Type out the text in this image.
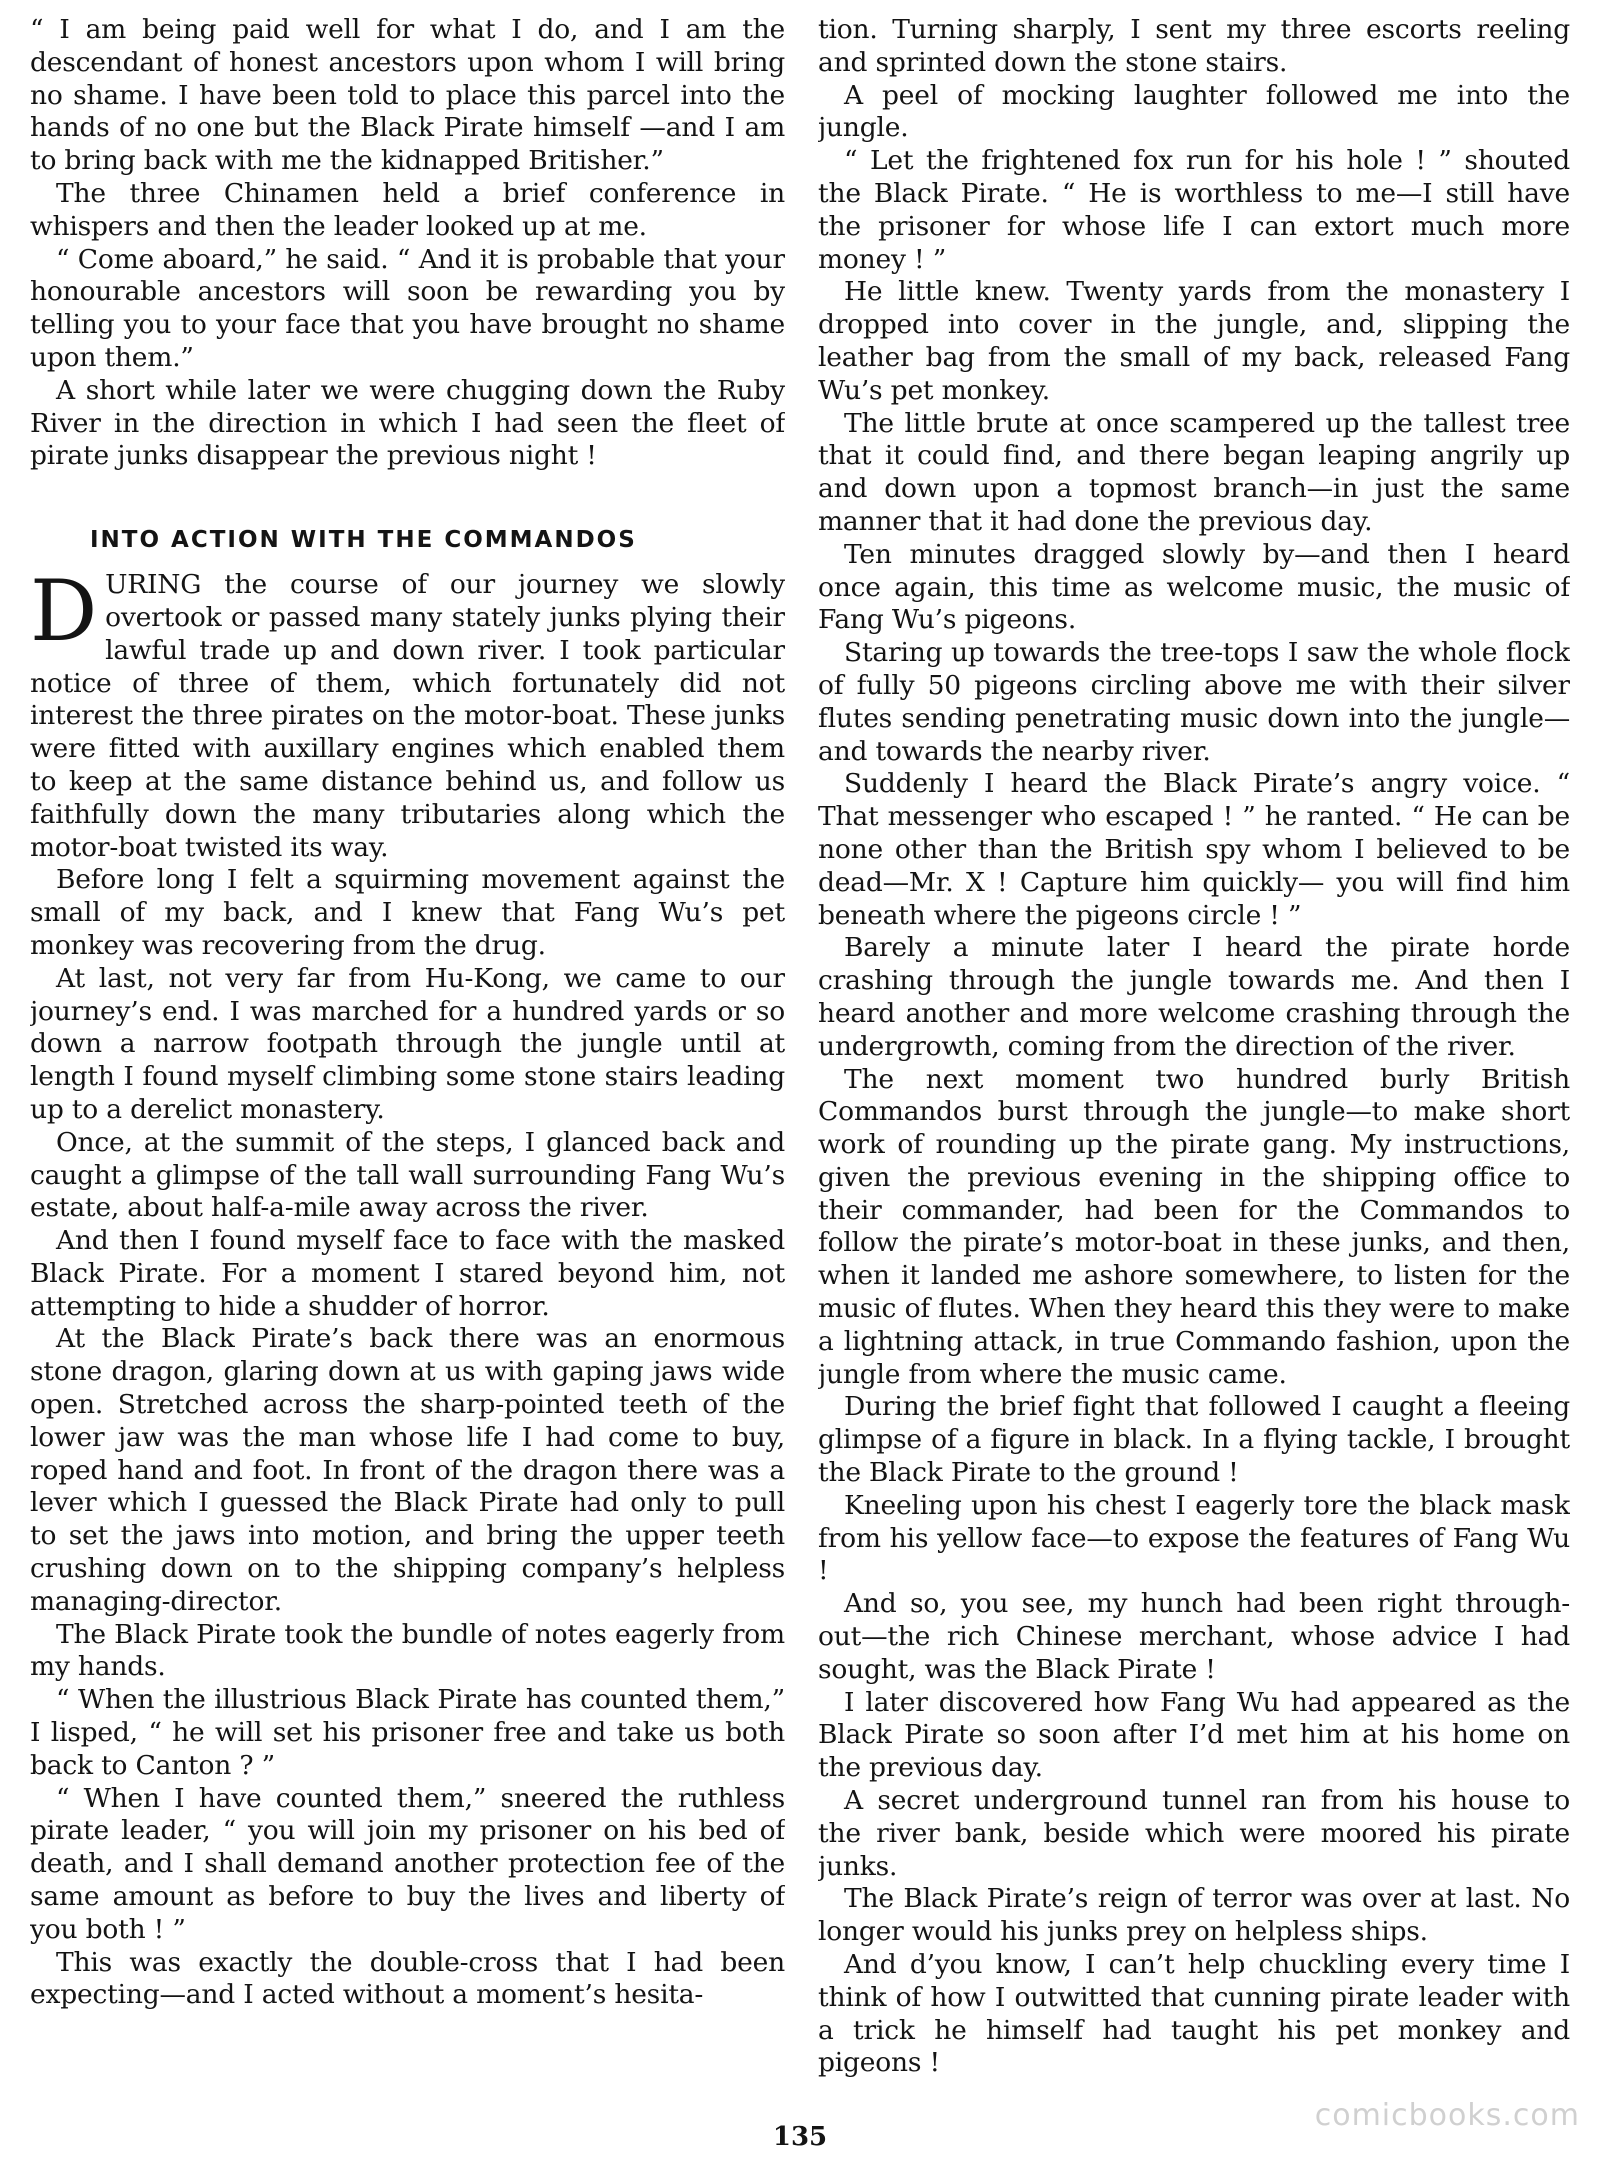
“ I am being paid well for what I do, and I am the descendant of honest ancestors upon whom I will bring no shame. I have been told to place this parcel into the hands of no one but the Black Pirate himself —and I am to bring back with me the kidnapped Britisher.”

The three Chinamen held a brief conference in whispers and then the leader looked up at me.

“ Come aboard,” he said. “ And it is probable that your honourable ancestors will soon be rewarding you by telling you to your face that you have brought no shame upon them.”

A short while later we were chugging down the Ruby River in the direction in which I had seen the fleet of pirate junks disappear the previous night !

INTO ACTION WITH THE COMMANDOS

DURING the course of our journey we slowly overtook or passed many stately junks plying their lawful trade up and down river. I took particular notice of three of them, which fortunately did not interest the three pirates on the motor-boat. These junks were fitted with auxillary engines which enabled them to keep at the same distance behind us, and follow us faithfully down the many tributaries along which the motor-boat twisted its way.

Before long I felt a squirming movement against the small of my back, and I knew that Fang Wu’s pet monkey was recovering from the drug.

At last, not very far from Hu-Kong, we came to our journey’s end. I was marched for a hundred yards or so down a narrow footpath through the jungle until at length I found myself climbing some stone stairs leading up to a derelict monastery.

Once, at the summit of the steps, I glanced back and caught a glimpse of the tall wall surrounding Fang Wu’s estate, about half-a-mile away across the river.

And then I found myself face to face with the masked Black Pirate. For a moment I stared beyond him, not attempting to hide a shudder of horror.

At the Black Pirate’s back there was an enormous stone dragon, glaring down at us with gaping jaws wide open. Stretched across the sharp-pointed teeth of the lower jaw was the man whose life I had come to buy, roped hand and foot. In front of the dragon there was a lever which I guessed the Black Pirate had only to pull to set the jaws into motion, and bring the upper teeth crushing down on to the shipping company’s helpless managing-director.

The Black Pirate took the bundle of notes eagerly from my hands.

“ When the illustrious Black Pirate has counted them,” I lisped, “ he will set his prisoner free and take us both back to Canton ? ”

“ When I have counted them,” sneered the ruthless pirate leader, “ you will join my prisoner on his bed of death, and I shall demand another protection fee of the same amount as before to buy the lives and liberty of you both ! ”

This was exactly the double-cross that I had been expecting—and I acted without a moment’s hesita-

tion. Turning sharply, I sent my three escorts reeling and sprinted down the stone stairs.

A peel of mocking laughter followed me into the jungle.

“ Let the frightened fox run for his hole ! ” shouted the Black Pirate. “ He is worthless to me—I still have the prisoner for whose life I can extort much more money ! ”

He little knew. Twenty yards from the monastery I dropped into cover in the jungle, and, slipping the leather bag from the small of my back, released Fang Wu’s pet monkey.

The little brute at once scampered up the tallest tree that it could find, and there began leaping angrily up and down upon a topmost branch—in just the same manner that it had done the previous day.

Ten minutes dragged slowly by—and then I heard once again, this time as welcome music, the music of Fang Wu’s pigeons.

Staring up towards the tree-tops I saw the whole flock of fully 50 pigeons circling above me with their silver flutes sending penetrating music down into the jungle—and towards the nearby river.

Suddenly I heard the Black Pirate’s angry voice. “ That messenger who escaped ! ” he ranted. “ He can be none other than the British spy whom I believed to be dead—Mr. X ! Capture him quickly— you will find him beneath where the pigeons circle ! ”

Barely a minute later I heard the pirate horde crashing through the jungle towards me. And then I heard another and more welcome crashing through the undergrowth, coming from the direction of the river.

The next moment two hundred burly British Commandos burst through the jungle—to make short work of rounding up the pirate gang. My instructions, given the previous evening in the shipping office to their commander, had been for the Commandos to follow the pirate’s motor-boat in these junks, and then, when it landed me ashore somewhere, to listen for the music of flutes. When they heard this they were to make a lightning attack, in true Commando fashion, upon the jungle from where the music came.

During the brief fight that followed I caught a fleeing glimpse of a figure in black. In a flying tackle, I brought the Black Pirate to the ground !

Kneeling upon his chest I eagerly tore the black mask from his yellow face—to expose the features of Fang Wu !

And so, you see, my hunch had been right through- out—the rich Chinese merchant, whose advice I had sought, was the Black Pirate !

I later discovered how Fang Wu had appeared as the Black Pirate so soon after I’d met him at his home on the previous day.

A secret underground tunnel ran from his house to the river bank, beside which were moored his pirate junks.

The Black Pirate’s reign of terror was over at last. No longer would his junks prey on helpless ships.

And d’you know, I can’t help chuckling every time I think of how I outwitted that cunning pirate leader with a trick he himself had taught his pet monkey and pigeons !

135
comicbooks.com
